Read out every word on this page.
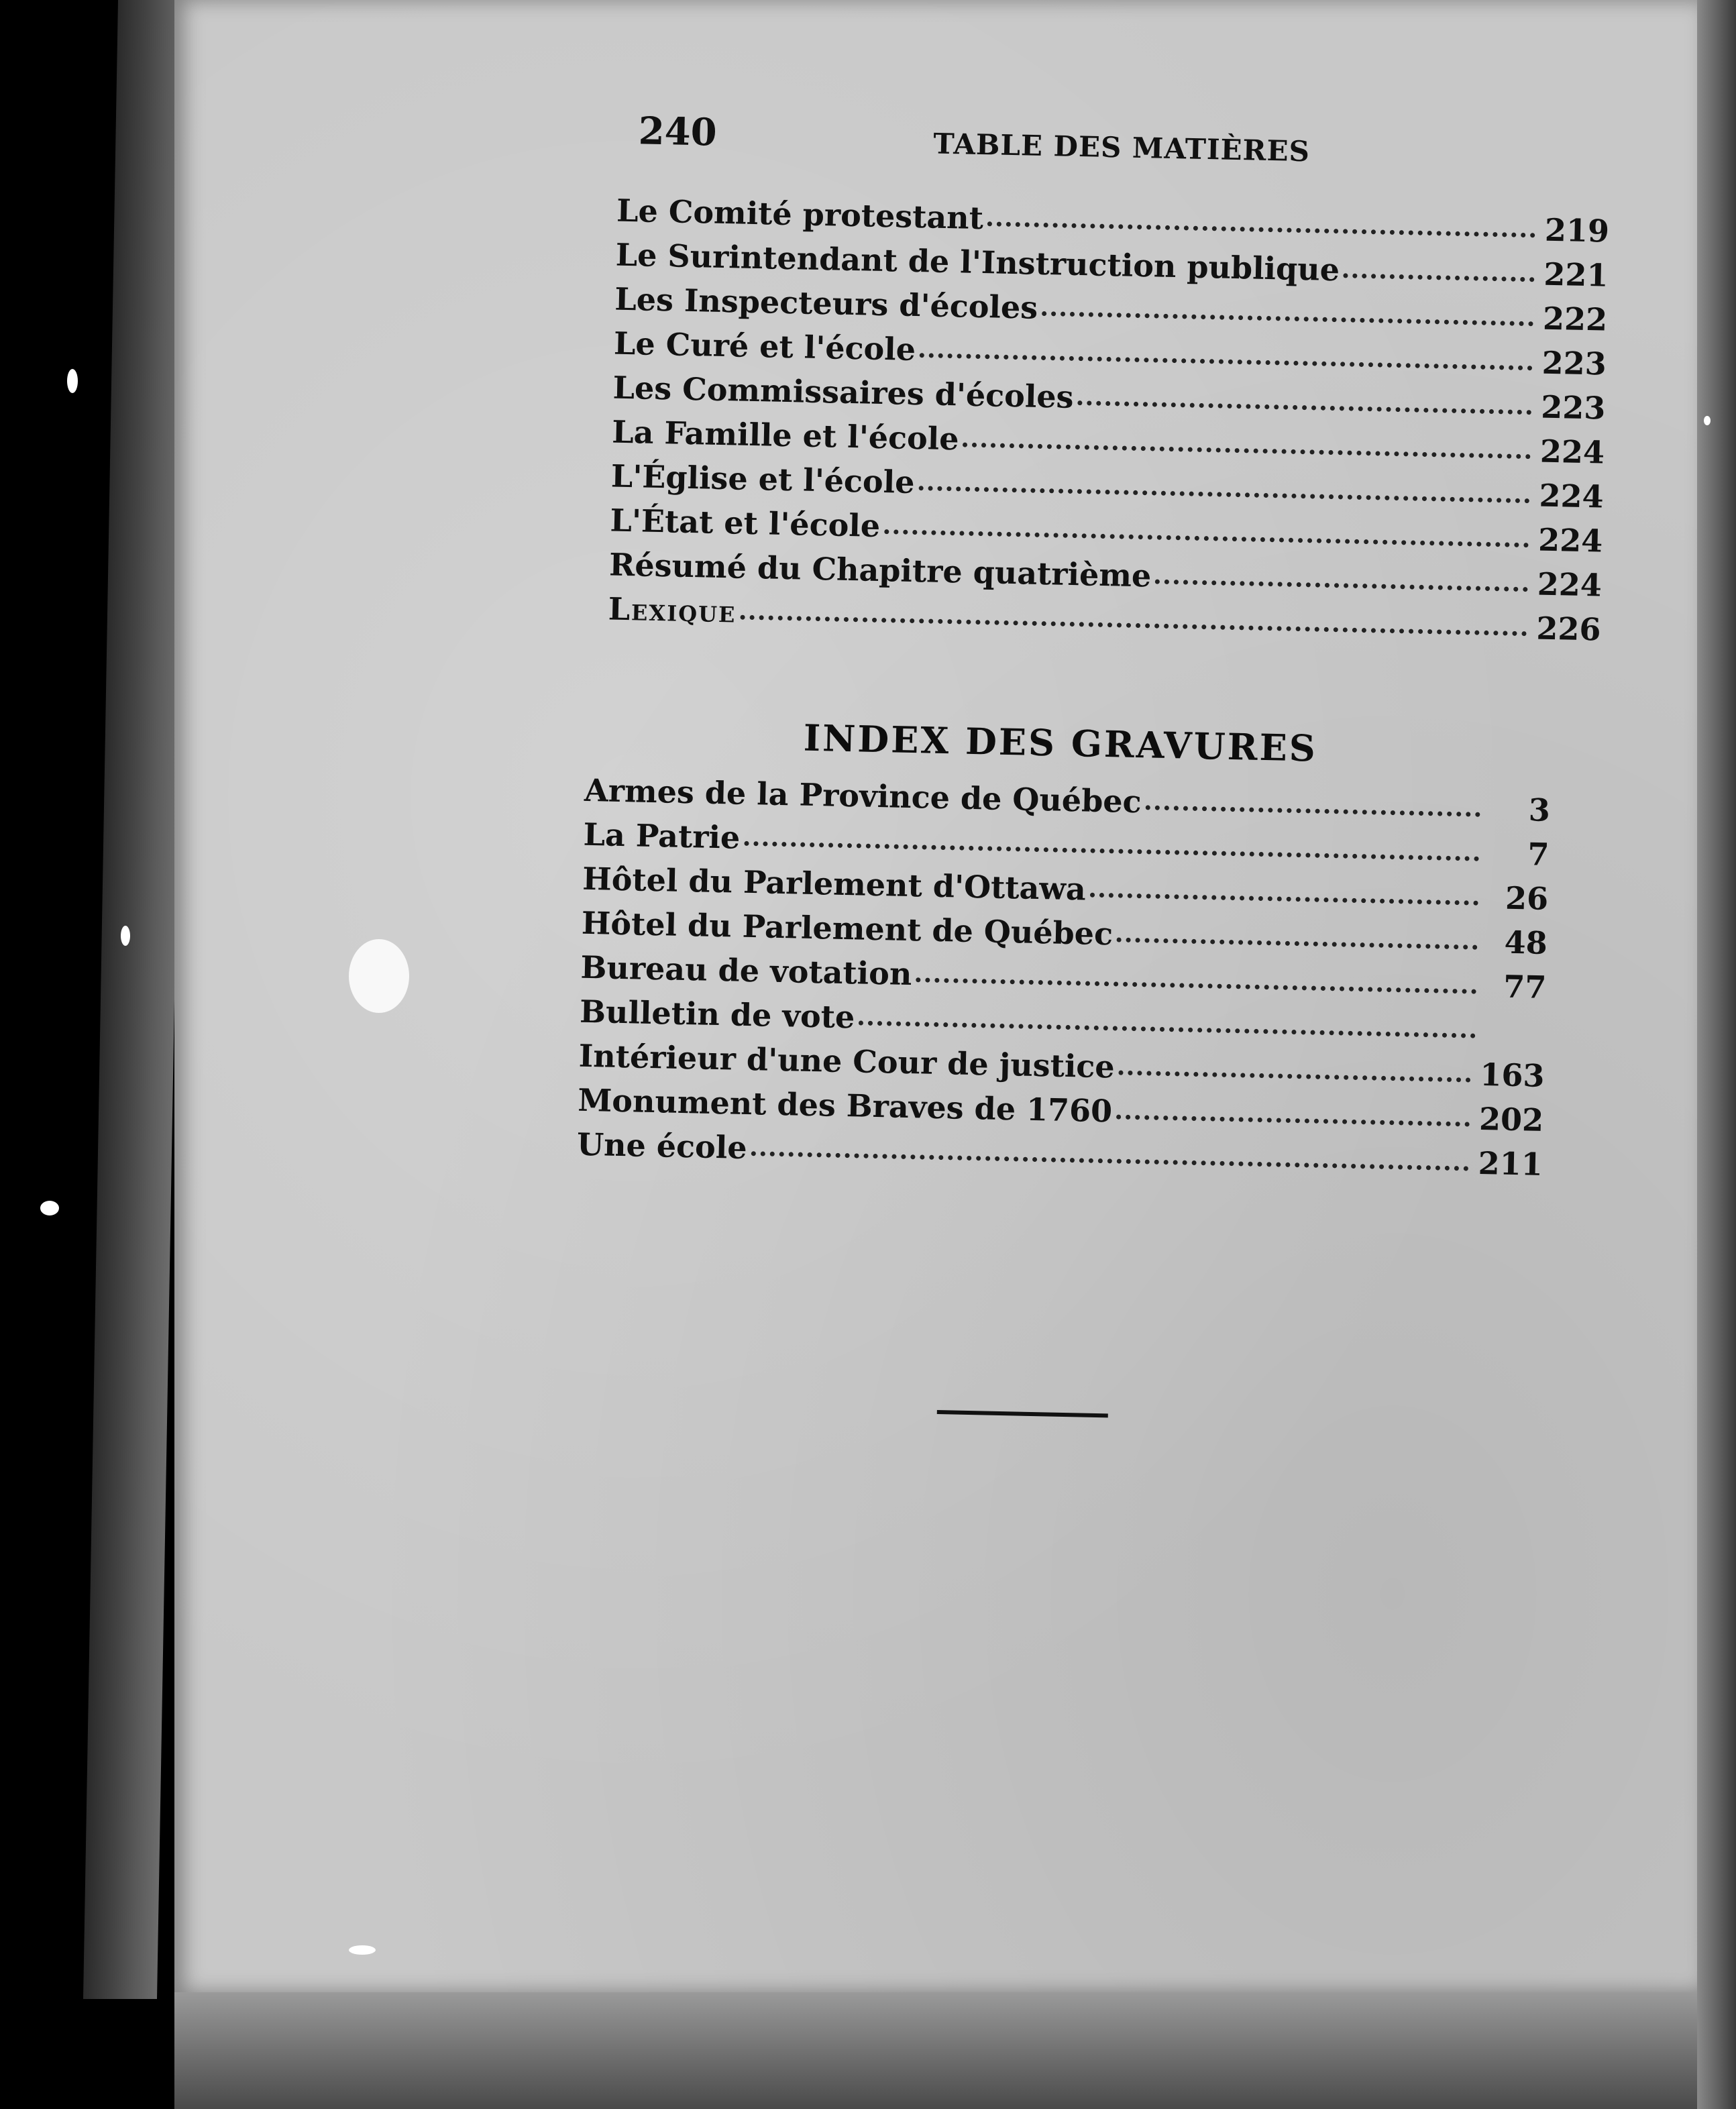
240	TABLE DES MATIÈRES
Le Comité protestant	219
Le Surintendant de l'Instruction publique	221
Les Inspecteurs d'écoles	222
Le Curé et l'école	223
Les Commissaires d'écoles	223
La Famille et l'école	224
L'Église et l'école	224
L'État et l'école	224
Résumé du Chapitre quatrième	224
Lexique	226
INDEX DES GRAVURES
Armes de la Province de Québec	3
La Patrie	7
Hôtel du Parlement d'Ottawa	26
Hôtel du Parlement de Québec	48
Bureau de votation	77
Bulletin de vote
Intérieur d'une Cour de justice	163
Monument des Braves de 1760	202
Une école	211
